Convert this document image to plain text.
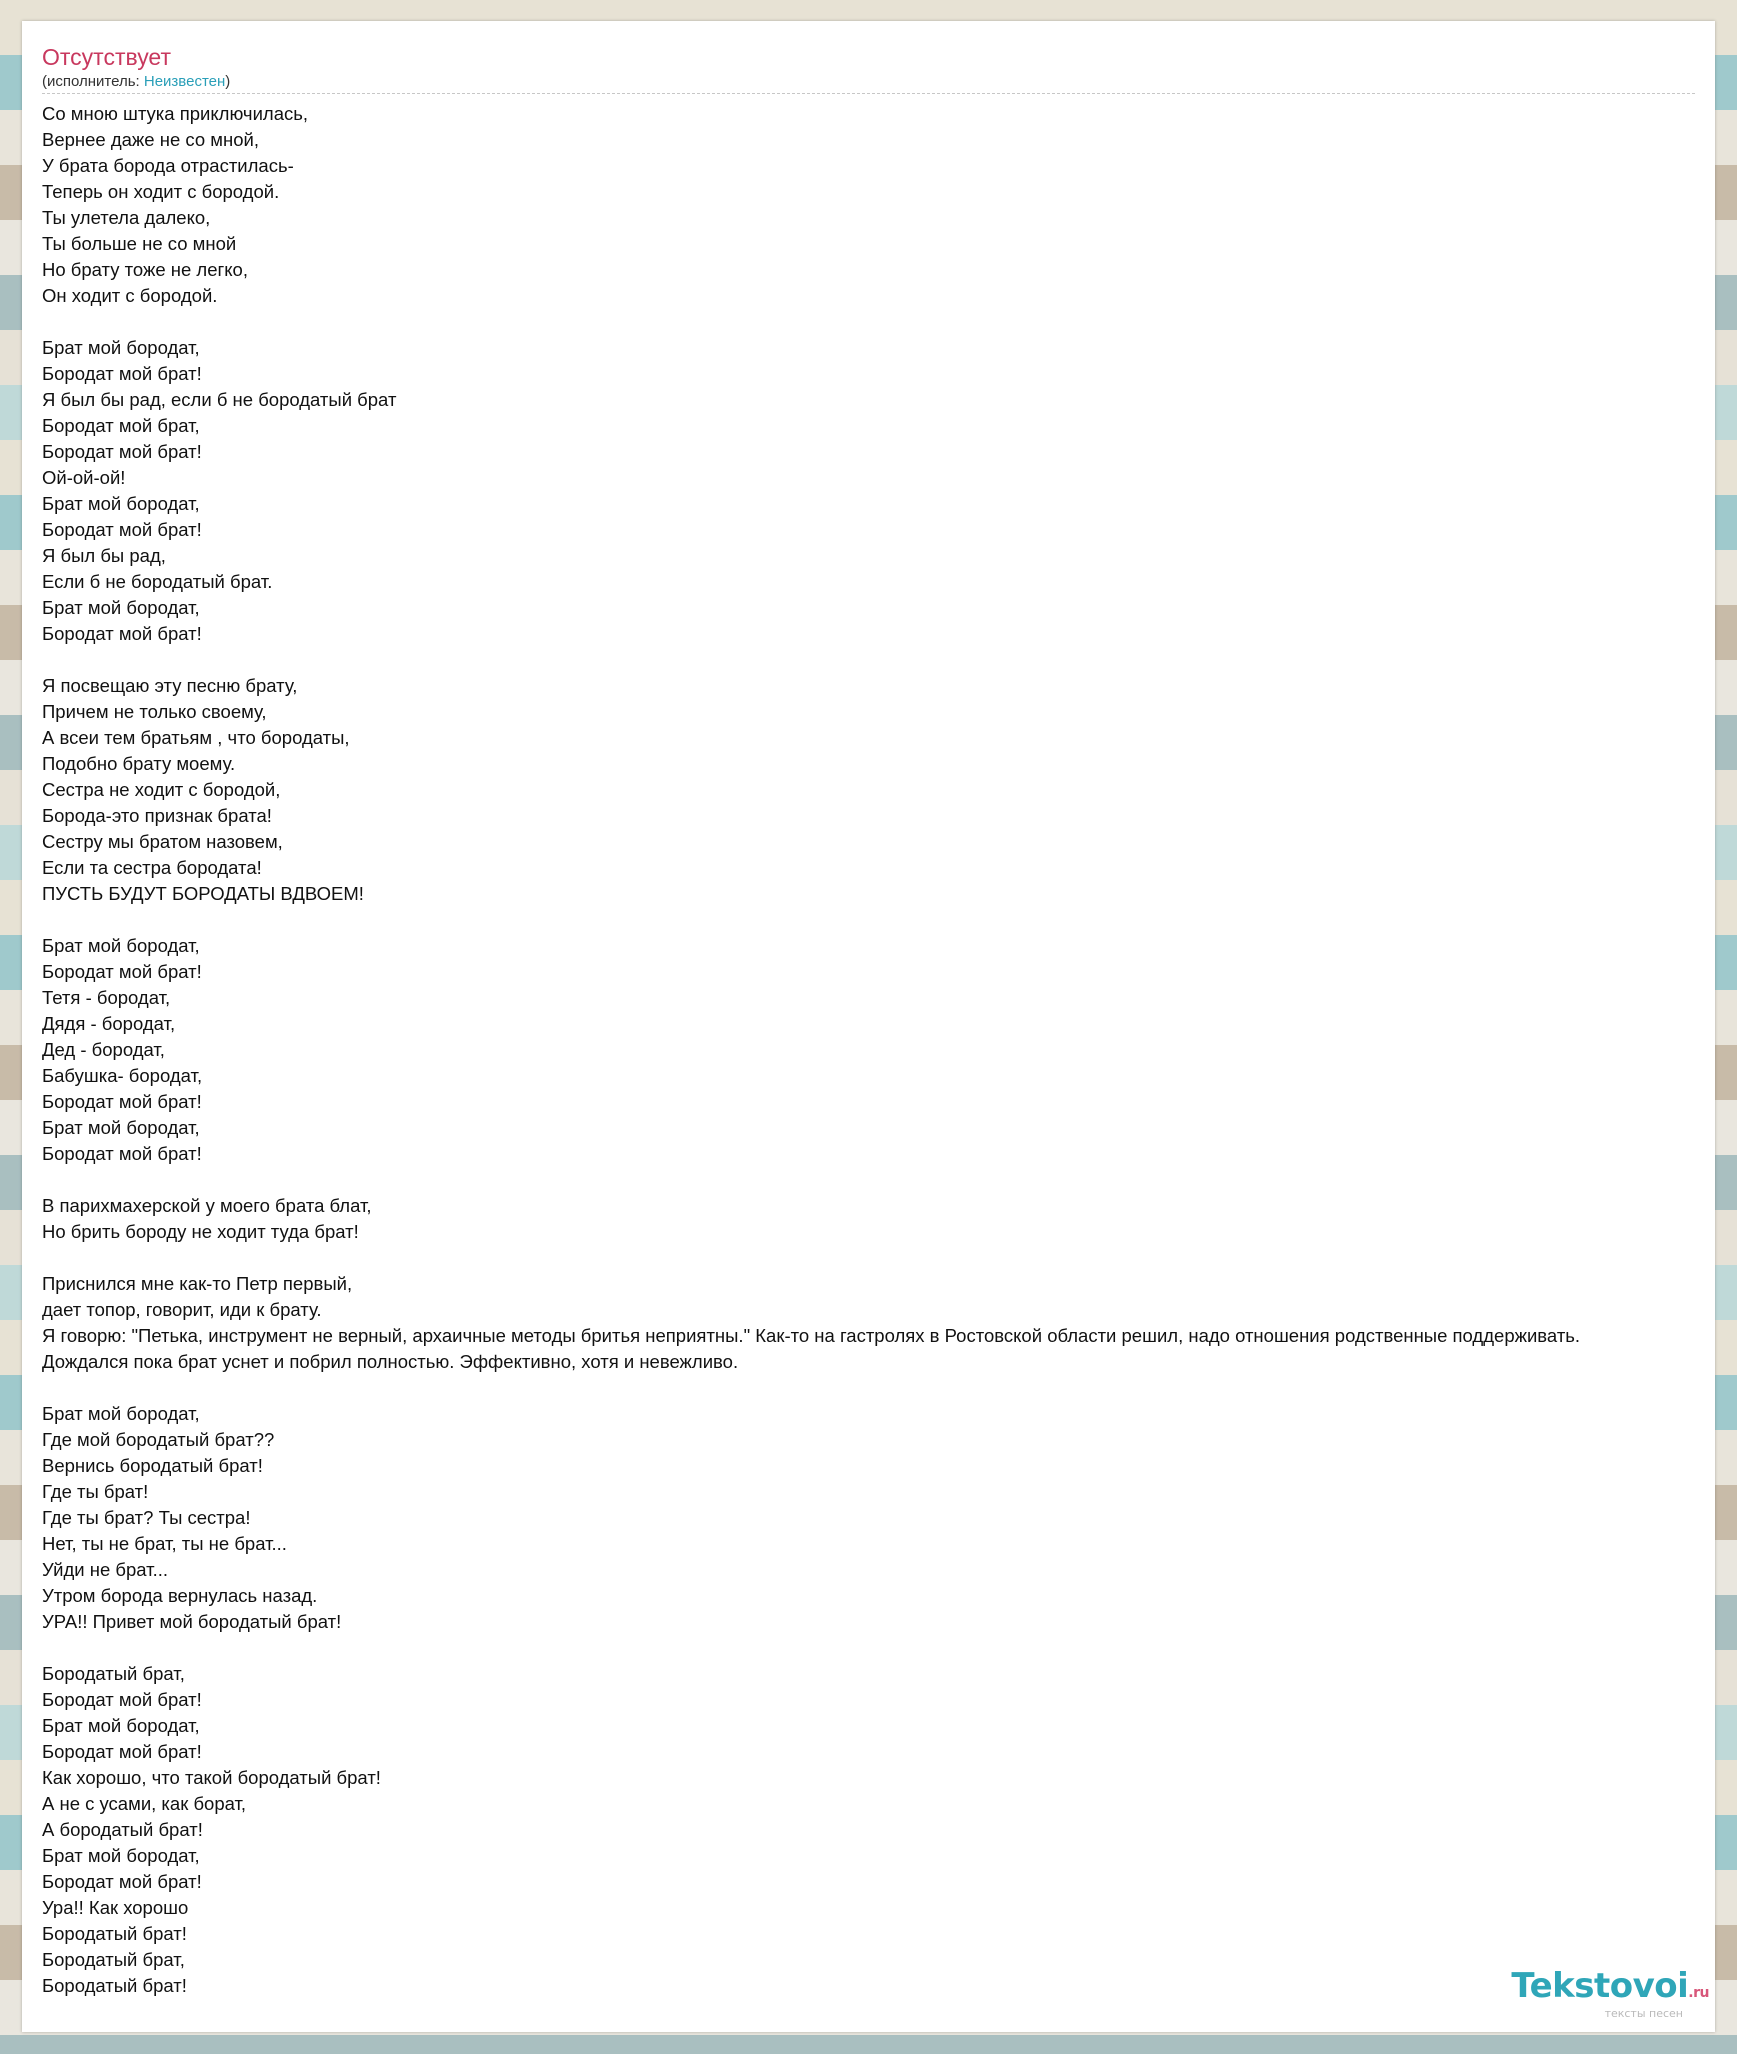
Отсутствует
(исполнитель: Неизвестен)
Со мною штука приключилась,
Вернее даже не со мной,
У брата борода отрастилась-
Теперь он ходит с бородой.
Ты улетела далеко,
Ты больше не со мной
Но брату тоже не легко,
Он ходит с бородой.
Брат мой бородат,
Бородат мой брат!
Я был бы рад, если б не бородатый брат
Бородат мой брат,
Бородат мой брат!
Ой-ой-ой!
Брат мой бородат,
Бородат мой брат!
Я был бы рад,
Если б не бородатый брат.
Брат мой бородат,
Бородат мой брат!
Я посвещаю эту песню брату,
Причем не только своему,
А всеи тем братьям , что бородаты,
Подобно брату моему.
Сестра не ходит с бородой,
Борода-это признак брата!
Сестру мы братом назовем,
Если та сестра бородата!
ПУСТЬ БУДУТ БОРОДАТЫ ВДВОЕМ!
Брат мой бородат,
Бородат мой брат!
Тетя - бородат,
Дядя - бородат,
Дед - бородат,
Бабушка- бородат,
Бородат мой брат!
Брат мой бородат,
Бородат мой брат!
В парихмахерской у моего брата блат,
Но брить бороду не ходит туда брат!
Приснился мне как-то Петр первый,
дает топор, говорит, иди к брату.
Я говорю: "Петька, инструмент не верный, архаичные методы бритья неприятны." Как-то на гастролях в Ростовской области решил, надо отношения родственные поддерживать.
Дождался пока брат уснет и побрил полностью. Эффективно, хотя и невежливо.
Брат мой бородат,
Где мой бородатый брат??
Вернись бородатый брат!
Где ты брат!
Где ты брат? Ты сестра!
Нет, ты не брат, ты не брат...
Уйди не брат...
Утром борода вернулась назад.
УРА!! Привет мой бородатый брат!
Бородатый брат,
Бородат мой брат!
Брат мой бородат,
Бородат мой брат!
Как хорошо, что такой бородатый брат!
А не с усами, как борат,
А бородатый брат!
Брат мой бородат,
Бородат мой брат!
Ура!! Как хорошо
Бородатый брат!
Бородатый брат,
Бородатый брат!	Tekstovoi.ru
тексты песен
